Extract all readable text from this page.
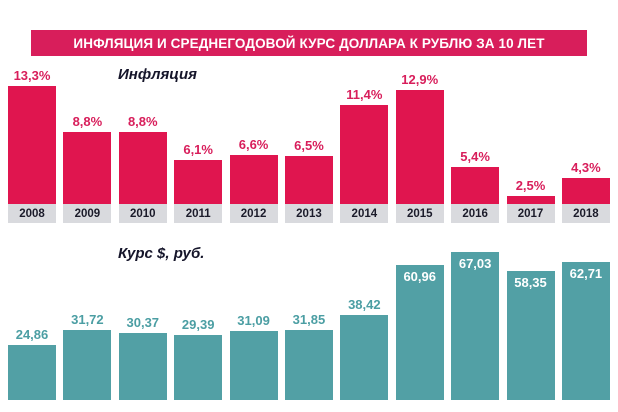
ИНФЛЯЦИЯ И СРЕДНЕГОДОВОЙ КУРС ДОЛЛАРА К РУБЛЮ ЗА 10 ЛЕТ
Инфляция
Курс $, руб.
13,3%
8,8% 8,8%
6,1% 6,6% 6,5%
11,4%
12,9%
5,4%
2,5%
4,3%
2008	2009	2010	2011	2012	2013	2014	2015	2016	2017	2018
24,86
31,72 30,37 29,39 31,09 31,85
38,42
60,96
67,03
58,35
62,71
